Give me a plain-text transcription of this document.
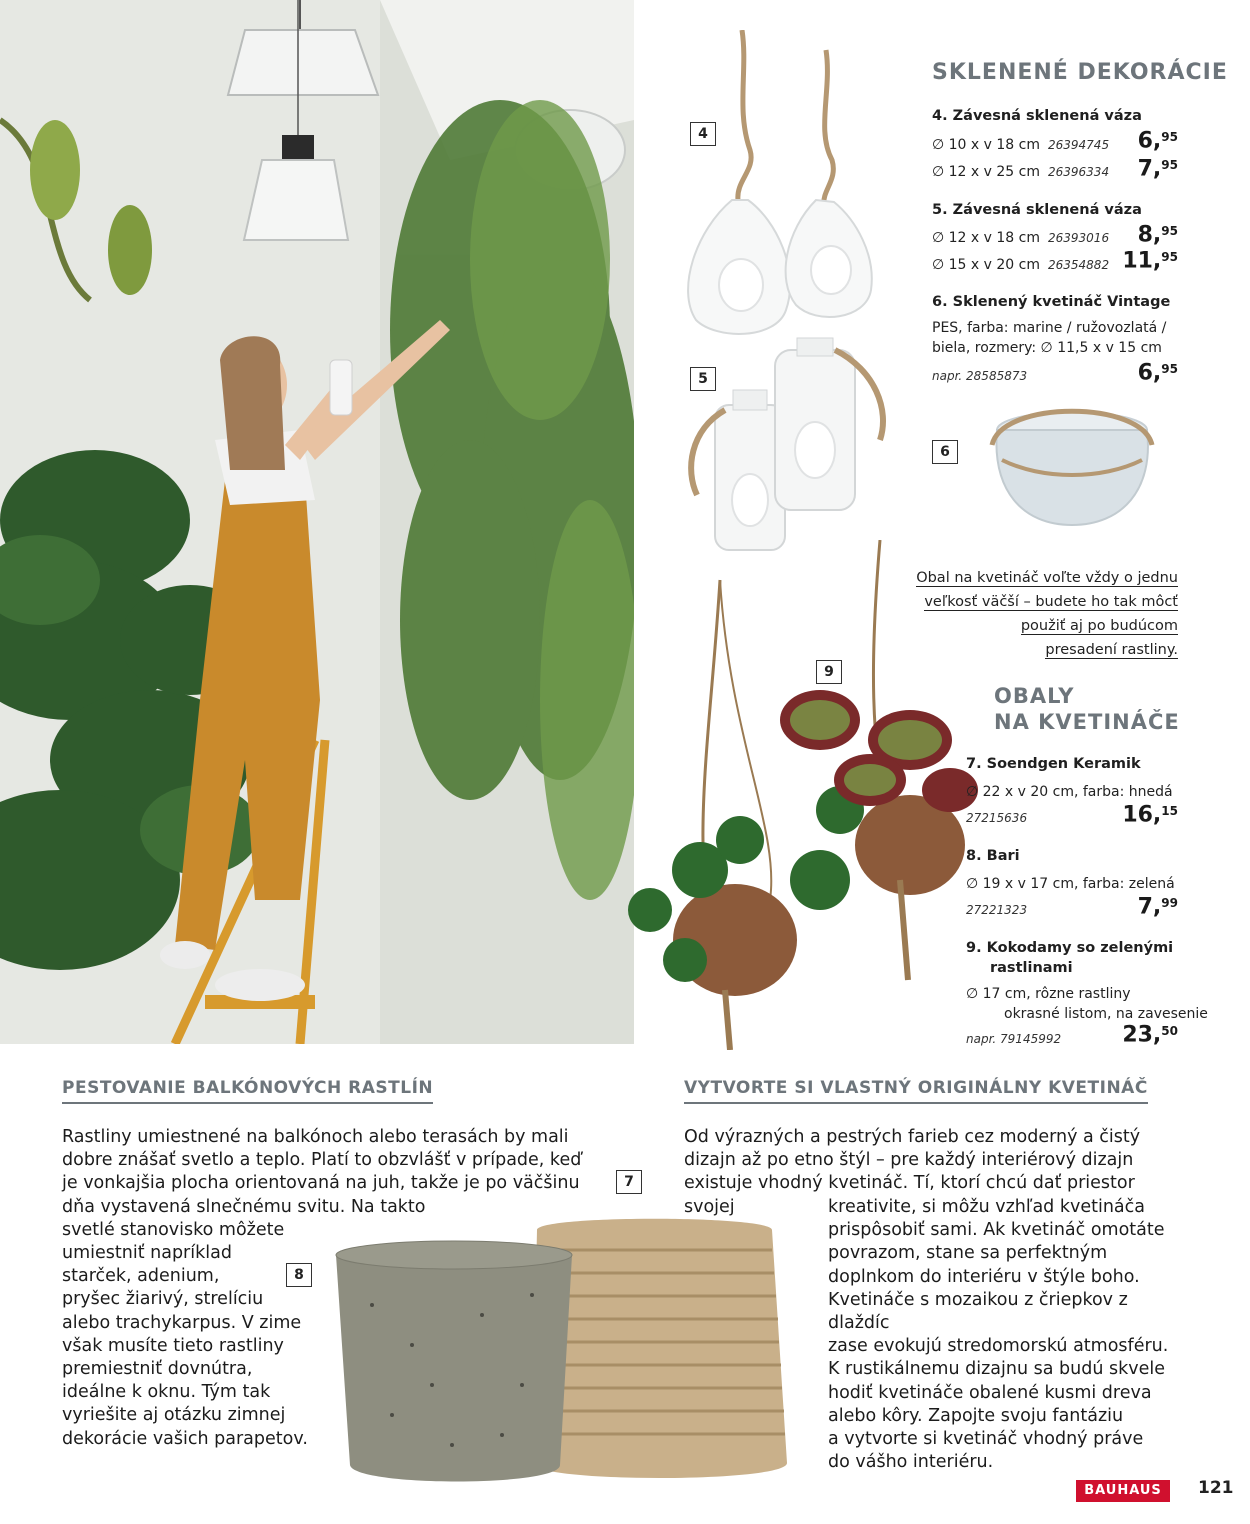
4
5
6
9
7
8
SKLENENÉ DEKORÁCIE
4. Závesná sklenená váza
∅ 10 x v 18 cm 26394745 6,95
∅ 12 x v 25 cm 26396334 7,95
5. Závesná sklenená váza
∅ 12 x v 18 cm 26393016 8,95
∅ 15 x v 20 cm 26354882 11,95
6. Sklenený kvetináč Vintage
PES, farba: marine / ružovozlatá /
biela, rozmery: ∅ 11,5 x v 15 cm
napr. 28585873	6,95
Obal na kvetináč voľte vždy o jednu
veľkosť väčší – budete ho tak môcť
použiť aj po budúcom
presadení rastliny.
OBALY
NA KVETINÁČE
7. Soendgen Keramik
∅ 22 x v 20 cm, farba: hnedá
27215636	16,15
8. Bari
∅ 19 x v 17 cm, farba: zelená
27221323	7,99
9. Kokodamy so zelenými
rastlinami
∅ 17 cm, rôzne rastliny
okrasné listom, na zavesenie
napr. 79145992	23,50
PESTOVANIE BALKÓNOVÝCH RASTLÍN
Rastliny umiestnené na balkónoch alebo terasách by mali
dobre znášať svetlo a teplo. Platí to obzvlášť v prípade, keď
je vonkajšia plocha orientovaná na juh, takže je po väčšinu
dňa vystavená slnečnému svitu. Na takto
svetlé stanovisko môžete
umiestniť napríklad
starček, adenium,
pryšec žiarivý, strelíciu
alebo trachykarpus. V zime
však musíte tieto rastliny
premiestniť dovnútra,
ideálne k oknu. Tým tak
vyriešite aj otázku zimnej
dekorácie vašich parapetov.
VYTVORTE SI VLASTNÝ ORIGINÁLNY KVETINÁČ
Od výrazných a pestrých farieb cez moderný a čistý
dizajn až po etno štýl – pre každý interiérový dizajn
existuje vhodný kvetináč. Tí, ktorí chcú dať priestor svojej	kreativite, si môžu vzhľad kvetináča
prispôsobiť sami. Ak kvetináč omotáte
povrazom, stane sa perfektným
doplnkom do interiéru v štýle boho.
Kvetináče s mozaikou z čriepkov z dlaždíc
zase evokujú stredomorskú atmosféru.
K rustikálnemu dizajnu sa budú skvele
hodiť kvetináče obalené kusmi dreva
alebo kôry. Zapojte svoju fantáziu
a vytvorte si kvetináč vhodný práve
do vášho interiéru.
BAUHAUS	121
